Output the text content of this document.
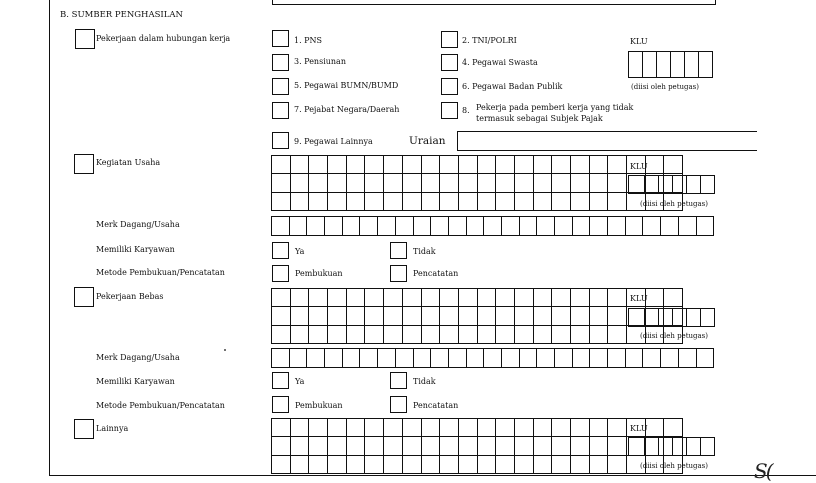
B. SUMBER PENGHASILAN
Pekerjaan dalam hubungan kerja	1. PNS
3. Pensiunan
5. Pegawai BUMN/BUMD
7. Pejabat Negara/Daerah
9. Pegawai Lainnya
2. TNI/POLRI
4. Pegawai Swasta
6. Pegawai Badan Publik
8. Pekerja pada pemberi kerja yang tidak
termasuk sebagai Subjek Pajak
Uraian
KLU
(diisi oleh petugas)
Kegiatan Usaha	KLU
(diisi oleh petugas)
Merk Dagang/Usaha
Memiliki Karyawan	Ya	Tidak
Metode Pembukuan/Pencatatan	Pembukuan	Pencatatan
Pekerjaan Bebas	KLU
(diisi oleh petugas)
Merk Dagang/Usaha
Memiliki Karyawan	Ya	Tidak
Metode Pembukuan/Pencatatan	Pembukuan	Pencatatan
Lainnya	KLU
(diisi oleh petugas) S(
